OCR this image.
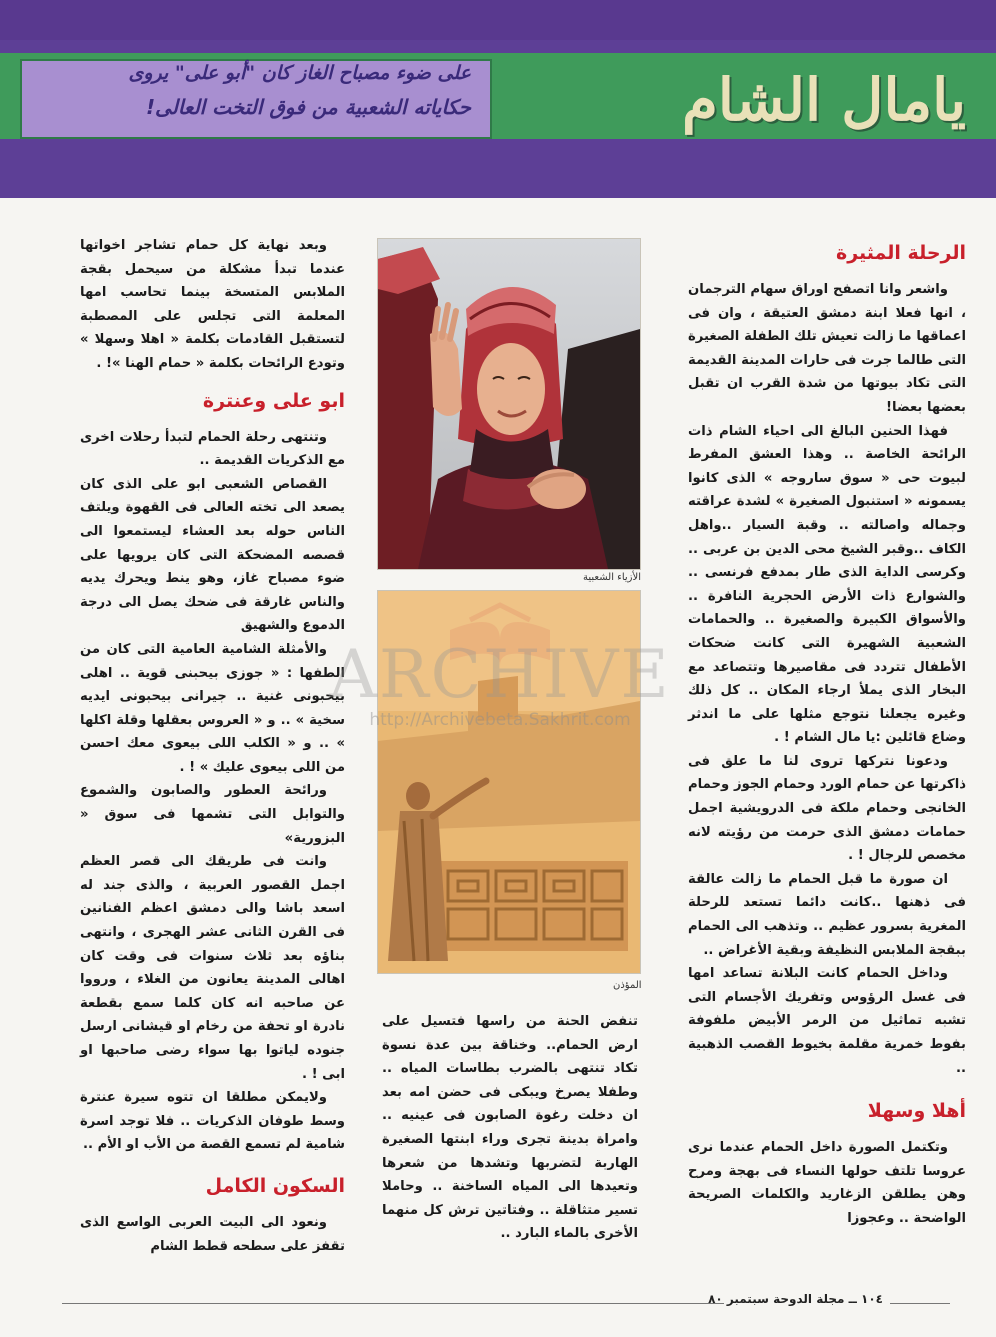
على ضوء مصباح الغاز كان "أبو على" يروى
حكاياته الشعبية من فوق التخت العالى!	يامال الشام

الرحلة المثيرة

واشعر وانا اتصفح اوراق سهام الترجمان ، انها فعلا ابنة دمشق العتيقة ، وان فى اعماقها ما زالت تعيش تلك الطفلة الصغيرة التى طالما جرت فى حارات المدينة القديمة التى تكاد بيوتها من شدة القرب ان تقبل بعضها بعضا!

فهذا الحنين البالغ الى احياء الشام ذات الرائحة الخاصة .. وهذا العشق المفرط لبيوت حى « سوق ساروجه » الذى كانوا يسمونه « استنبول الصغيرة » لشدة عراقته وجماله واصالته .. وقبة السيار ..واهل الكاف ..وقبر الشيخ محى الدين بن عربى .. وكرسى الداية الذى طار بمدفع فرنسى .. والشوارع ذات الأرض الحجرية النافرة .. والأسواق الكبيرة والصغيرة .. والحمامات الشعبية الشهيرة التى كانت ضحكات الأطفال تتردد فى مقاصيرها وتتصاعد مع البخار الذى يملأ ارجاء المكان .. كل ذلك وغيره يجعلنا نتوجع مثلها على ما اندثر وضاع قائلين :يا مال الشام ! .

ودعونا نتركها تروى لنا ما علق فى ذاكرتها عن حمام الورد وحمام الجوز وحمام الخانجى وحمام ملكة فى الدرويشية اجمل حمامات دمشق الذى حرمت من رؤيته لانه مخصص للرجال ! .

ان صورة ما قبل الحمام ما زالت عالقة فى ذهنها ..كانت دائما تستعد للرحلة المغرية بسرور عظيم .. وتذهب الى الحمام ببقجة الملابس النظيفة وبقية الأغراض ..

وداخل الحمام كانت البلانة تساعد امها فى غسل الرؤوس وتفريك الأجسام التى تشبه تماثيل من الرمر الأبيض ملفوفة بفوط خمرية مقلمة بخيوط القصب الذهبية ..

أهلا وسهلا

وتكتمل الصورة داخل الحمام عندما نرى عروسا تلتف حولها النساء فى بهجة ومرح وهن يطلقن الزغاريد والكلمات الصريحة الواضحة .. وعجوزا

الأزياء الشعبية
المؤذن

تنفض الحنة من راسها فتسيل على ارض الحمام.. وخناقة بين عدة نسوة تكاد تنتهى بالضرب بطاسات المياه .. وطفلا يصرخ ويبكى فى حضن امه بعد ان دخلت رغوة الصابون فى عينيه .. وامراة بدينة تجرى وراء ابنتها الصغيرة الهاربة لتضربها وتشدها من شعرها وتعيدها الى المياه الساخنة .. وحاملا تسير متثاقلة .. وفتاتين ترش كل منهما الأخرى بالماء البارد ..

وبعد نهاية كل حمام تشاجر اخواتها عندما تبدأ مشكلة من سيحمل بقجة الملابس المتسخة بينما تحاسب امها المعلمة التى تجلس على المصطبة لتستقبل القادمات بكلمة « اهلا وسهلا » وتودع الرائحات بكلمة « حمام الهنا »! .

ابو على وعنترة

وتنتهى رحلة الحمام لتبدأ رحلات اخرى مع الذكريات القديمة ..

القصاص الشعبى ابو على الذى كان يصعد الى تخته العالى فى القهوة ويلتف الناس حوله بعد العشاء ليستمعوا الى قصصه المضحكة التى كان يرويها على ضوء مصباح غاز، وهو ينط ويحرك يديه والناس غارقة فى ضحك يصل الى درجة الدموع والشهيق

والأمثلة الشامية العامية التى كان من الطفها : « جوزى بيحبنى قوية .. اهلى بيحبونى غنية .. جيرانى بيحبونى ايديه سخية » .. و « العروس بعقلها وقلة اكلها » .. و « الكلب اللى بيعوى معك احسن من اللى بيعوى عليك » ! .

ورائحة العطور والصابون والشموع والتوابل التى تشمها فى سوق « البزورية»

وانت فى طريقك الى قصر العظم اجمل القصور العربية ، والذى جند له اسعد باشا والى دمشق اعظم الفنانين فى القرن الثانى عشر الهجرى ، وانتهى بناؤه بعد ثلاث سنوات فى وقت كان اهالى المدينة يعانون من الغلاء ، ورووا عن صاحبه انه كان كلما سمع بقطعة نادرة او تحفة من رخام او قيشانى ارسل جنوده لياتوا بها سواء رضى صاحبها او ابى ! .

ولايمكن مطلقا ان تتوه سيرة عنترة وسط طوفان الذكريات .. فلا توجد اسرة شامية لم تسمع القصة من الأب او الأم ..

السكون الكامل

ونعود الى البيت العربى الواسع الذى تقفز على سطحه قطط الشام

ARCHIVE
http://Archivebeta.Sakhrit.com
١٠٤ ــ مجلة الدوحة سبتمبر ٨٠
